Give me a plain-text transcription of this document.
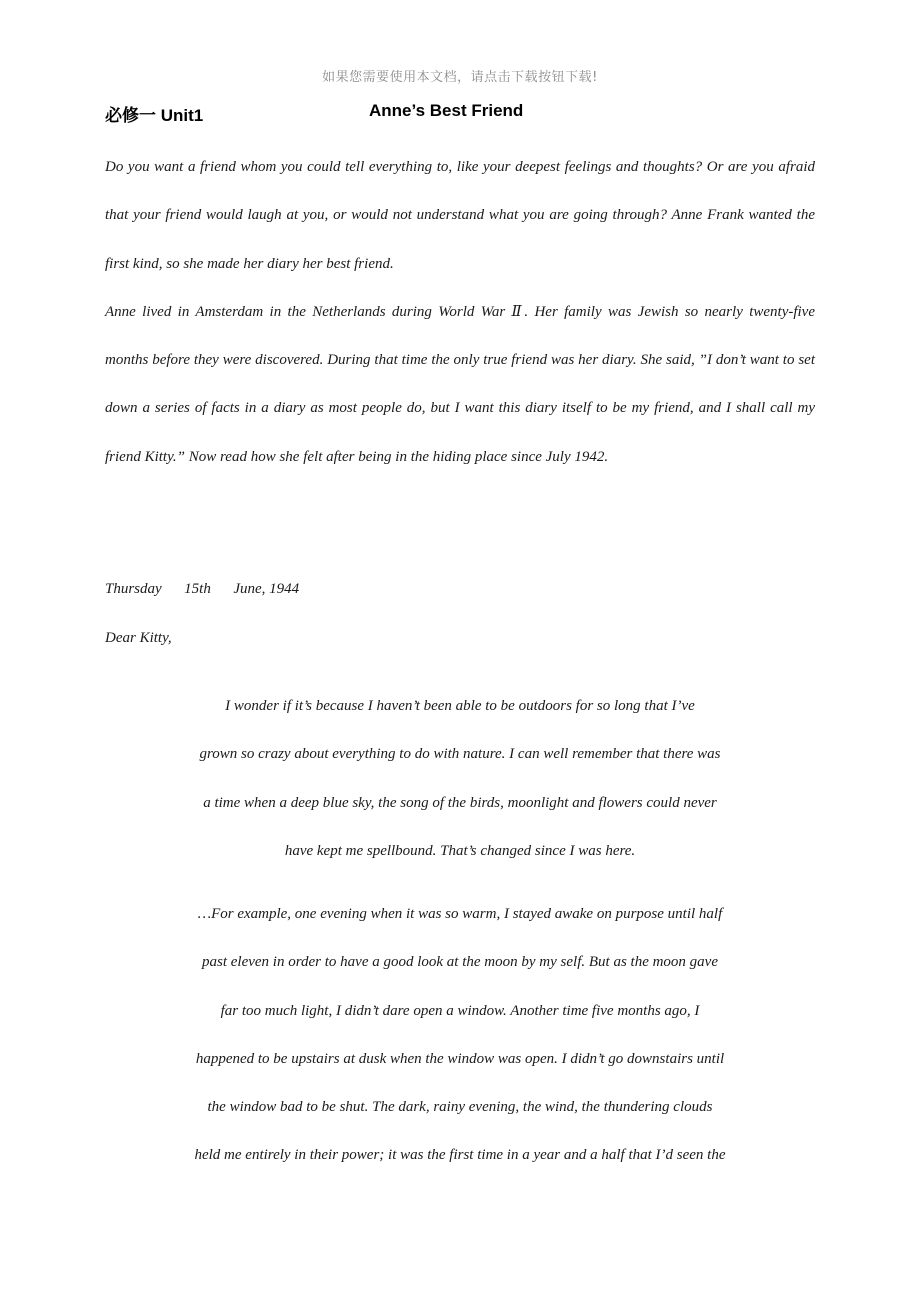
如果您需要使用本文档，请点击下载按钮下载!
必修一 Unit1	Anne’s Best Friend

Do you want a friend whom you could tell everything to, like your deepest feelings and thoughts? Or are you afraid that your friend would laugh at you, or would not understand what you are going through? Anne Frank wanted the first kind, so she made her diary her best friend.

Anne lived in Amsterdam in the Netherlands during World War Ⅱ. Her family was Jewish so nearly twenty-five months before they were discovered. During that time the only true friend was her diary. She said, ”I don’t want to set down a series of facts in a diary as most people do, but I want this diary itself to be my friend, and I shall call my friend Kitty.” Now read how she felt after being in the hiding place since July 1942.

Thursday      15th      June, 1944
Dear Kitty,
I wonder if it’s because I haven’t been able to be outdoors for so long that I’ve
grown so crazy about everything to do with nature. I can well remember that there was
a time when a deep blue sky, the song of the birds, moonlight and flowers could never
have kept me spellbound. That’s changed since I was here.
…For example, one evening when it was so warm, I stayed awake on purpose until half
past eleven in order to have a good look at the moon by my self. But as the moon gave
far too much light, I didn’t dare open a window. Another time five months ago, I
happened to be upstairs at dusk when the window was open. I didn’t go downstairs until
the window bad to be shut. The dark, rainy evening, the wind, the thundering clouds
held me entirely in their power; it was the first time in a year and a half that I’d seen the
